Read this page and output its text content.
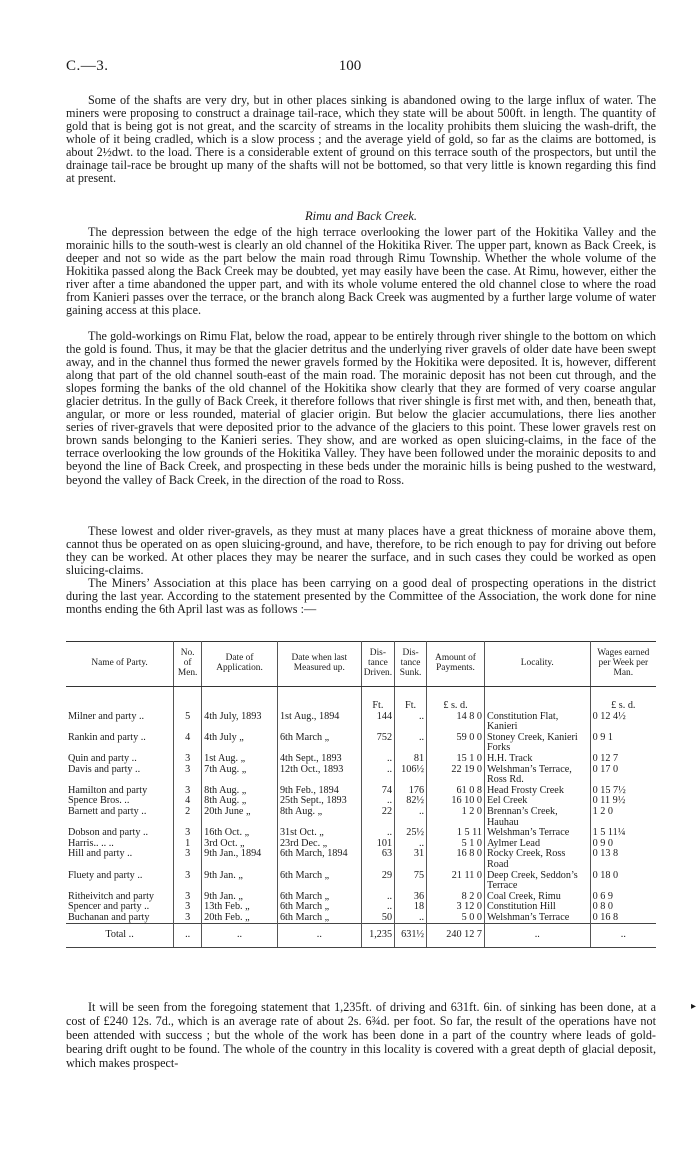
C.—3.	100

Some of the shafts are very dry, but in other places sinking is abandoned owing to the large influx of water. The miners were proposing to construct a drainage tail-race, which they state will be about 500ft. in length. The quantity of gold that is being got is not great, and the scarcity of streams in the locality prohibits them sluicing the wash-drift, the whole of it being cradled, which is a slow process ; and the average yield of gold, so far as the claims are bottomed, is about 2½dwt. to the load. There is a considerable extent of ground on this terrace south of the prospectors, but until the drainage tail-race be brought up many of the shafts will not be bottomed, so that very little is known regarding this find at present.

Rimu and Back Creek.

The depression between the edge of the high terrace overlooking the lower part of the Hokitika Valley and the morainic hills to the south-west is clearly an old channel of the Hokitika River. The upper part, known as Back Creek, is deeper and not so wide as the part below the main road through Rimu Township. Whether the whole volume of the Hokitika passed along the Back Creek may be doubted, yet may easily have been the case. At Rimu, however, either the river after a time abandoned the upper part, and with its whole volume entered the old channel close to where the road from Kanieri passes over the terrace, or the branch along Back Creek was augmented by a further large volume of water gaining access at this place.

The gold-workings on Rimu Flat, below the road, appear to be entirely through river shingle to the bottom on which the gold is found. Thus, it may be that the glacier detritus and the underlying river gravels of older date have been swept away, and in the channel thus formed the newer gravels formed by the Hokitika were deposited. It is, however, different along that part of the old channel south-east of the main road. The morainic deposit has not been cut through, and the slopes forming the banks of the old channel of the Hokitika show clearly that they are formed of very coarse angular glacier detritus. In the gully of Back Creek, it therefore follows that river shingle is first met with, and then, beneath that, angular, or more or less rounded, material of glacier origin. But below the glacier accumulations, there lies another series of river-gravels that were deposited prior to the advance of the glaciers to this point. These lower gravels rest on brown sands belonging to the Kanieri series. They show, and are worked as open sluicing-claims, in the face of the terrace overlooking the low grounds of the Hokitika Valley. They have been followed under the morainic deposits to and beyond the line of Back Creek, and prospecting in these beds under the morainic hills is being pushed to the westward, beyond the valley of Back Creek, in the direction of the road to Ross.

These lowest and older river-gravels, as they must at many places have a great thickness of moraine above them, cannot thus be operated on as open sluicing-ground, and have, therefore, to be rich enough to pay for driving out before they can be worked. At other places they may be nearer the surface, and in such cases they could be worked as open sluicing-claims.

The Miners’ Association at this place has been carrying on a good deal of prospecting operations in the district during the last year. According to the statement presented by the Committee of the Association, the work done for nine months ending the 6th April last was as follows :—

Name of Party.	No. of Men.	Date of Application.	Date when last Measured up.	Dis- tance Driven.	Dis- tance Sunk.	Amount of Payments.	Locality.	Wages earned per Week per Man.
				Ft.	Ft.	£ s. d.		£ s. d.
Milner and party ..	5	4th July, 1893	1st Aug., 1894	144	..	14 8 0	Constitution Flat, Kanieri	0 12 4½
Rankin and party ..	4	4th July „	6th March „	752	..	59 0 0	Stoney Creek, Kanieri Forks	0 9 1
Quin and party ..	3	1st Aug. „	4th Sept., 1893	..	81	15 1 0	H.H. Track	0 12 7
Davis and party ..	3	7th Aug. „	12th Oct., 1893	..	106½	22 19 0	Welshman’s Terrace, Ross Rd.	0 17 0
Hamilton and party	3	8th Aug. „	9th Feb., 1894	74	176	61 0 8	Head Frosty Creek	0 15 7½
Spence Bros. ..	4	8th Aug. „	25th Sept., 1893	..	82½	16 10 0	Eel Creek	0 11 9½
Barnett and party ..	2	20th June „	8th Aug. „	22	..	1 2 0	Brennan’s Creek, Hauhau	1 2 0
Dobson and party ..	3	16th Oct. „	31st Oct. „	..	25½	1 5 11	Welshman’s Terrace	1 5 11¼
Harris.. .. ..	1	3rd Oct. „	23rd Dec. „	101	..	5 1 0	Aylmer Lead	0 9 0
Hill and party ..	3	9th Jan., 1894	6th March, 1894	63	31	16 8 0	Rocky Creek, Ross Road	0 13 8
Fluety and party ..	3	9th Jan. „	6th March „	29	75	21 11 0	Deep Creek, Seddon’s Terrace	0 18 0
Ritheivitch and party	3	9th Jan. „	6th March „	..	36	8 2 0	Coal Creek, Rimu	0 6 9
Spencer and party ..	3	13th Feb. „	6th March „	..	18	3 12 0	Constitution Hill	0 8 0
Buchanan and party	3	20th Feb. „	6th March „	50	..	5 0 0	Welshman’s Terrace	0 16 8
Total ..	..	..	..	1,235	631½	240 12 7	..	..

It will be seen from the foregoing statement that 1,235ft. of driving and 631ft. 6in. of sinking has been done, at a cost of £240 12s. 7d., which is an average rate of about 2s. 6¾d. per foot. So far, the result of the operations have not been attended with success ; but the whole of the work has been done in a part of the country where leads of gold-bearing drift ought to be found. The whole of the country in this locality is covered with a great depth of glacial deposit, which makes prospect-

▸
